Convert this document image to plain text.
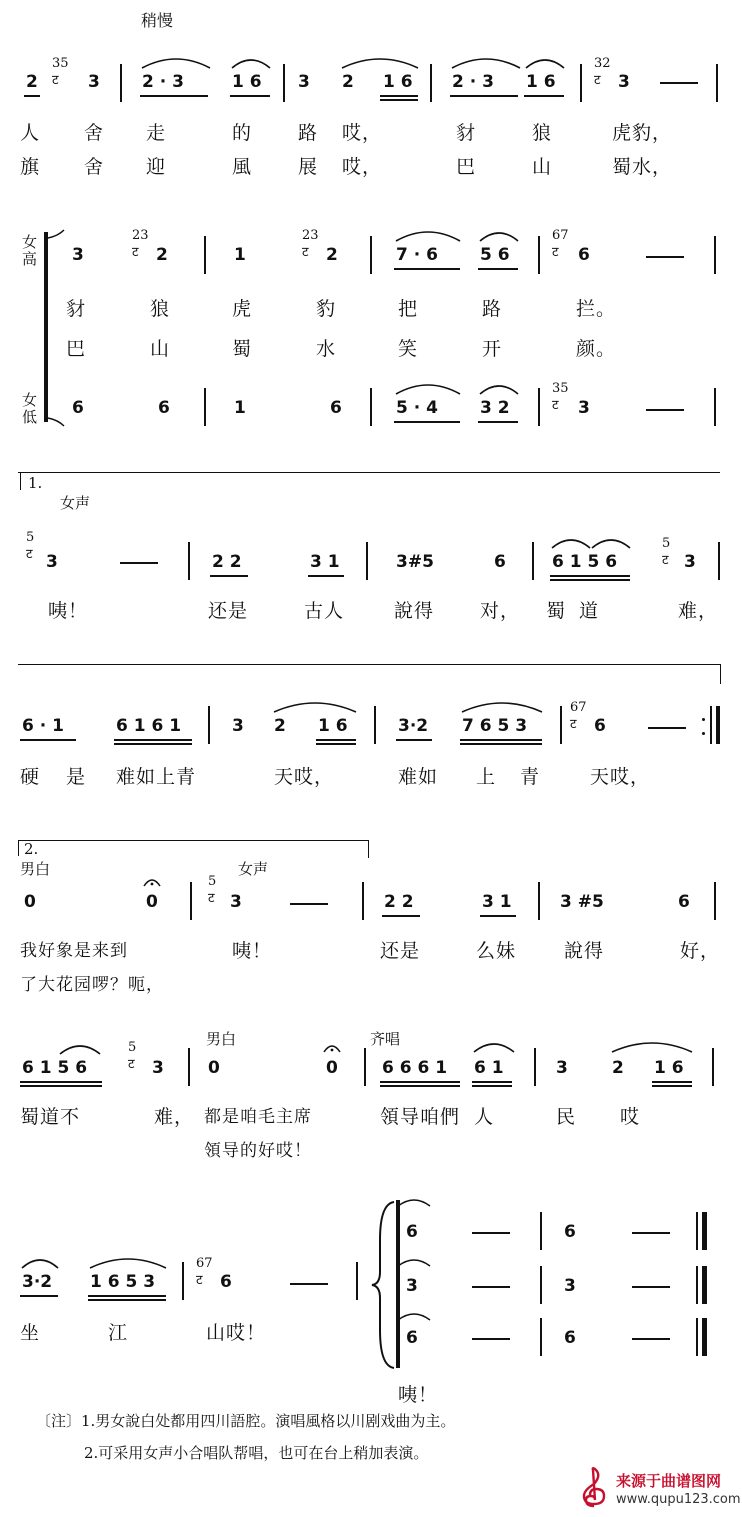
稍慢
2
35
ट 3 2 · 3	1 6 3 2 1 6 2 · 3 1 6
32
ट 3
人 舍 走	的 路 哎，	豺	狼	虎豹，
旗 舍 迎	風 展 哎，	巴	山	蜀水，
女高
女低
3
23
ट 2	1
23
ट 2	7 · 6 5 6
67
ट 6
豺	狼	虎	豹	把	路	拦。
巴	山	蜀	水	笑	开	颜。
6	6	1	6	5 · 4 3 2
35
ट 3
1.
女声
5
ट 3	2 2	3 1	3#5	6	6 1 5 6
5
ट 3
咦！	还是	古人	說得 对， 蜀道	难，
6 · 1	6 1 6 1	3 2 1 6	3·2 7 6 5 3
67
ट 6
硬 是 难如上青	天哎，	难如 上 青	天哎，
2.
男白	女声
0	0
5
ट 3	2 2	3 1	3 #5	6
我好象是来到
了大花园啰？呃，
咦！	还是	么妹	說得	好，
男白	齐唱
6 1 5 6
5
ट 3	0	0	6 6 6 1 6 1	3	2 1 6
蜀道不	难， 都是咱毛主席	領导咱們 人	民 哎
領导的好哎！
3·2 1 6 5 3
67
ट 6
6	6
3	3
6	6
坐	江	山哎！
咦！
〔注〕1.男女說白处都用四川語腔。演唱風格以川剧戏曲为主。
2.可采用女声小合唱队帮唱，也可在台上稍加表演。
来源于曲谱图网
www.qupu123.com
